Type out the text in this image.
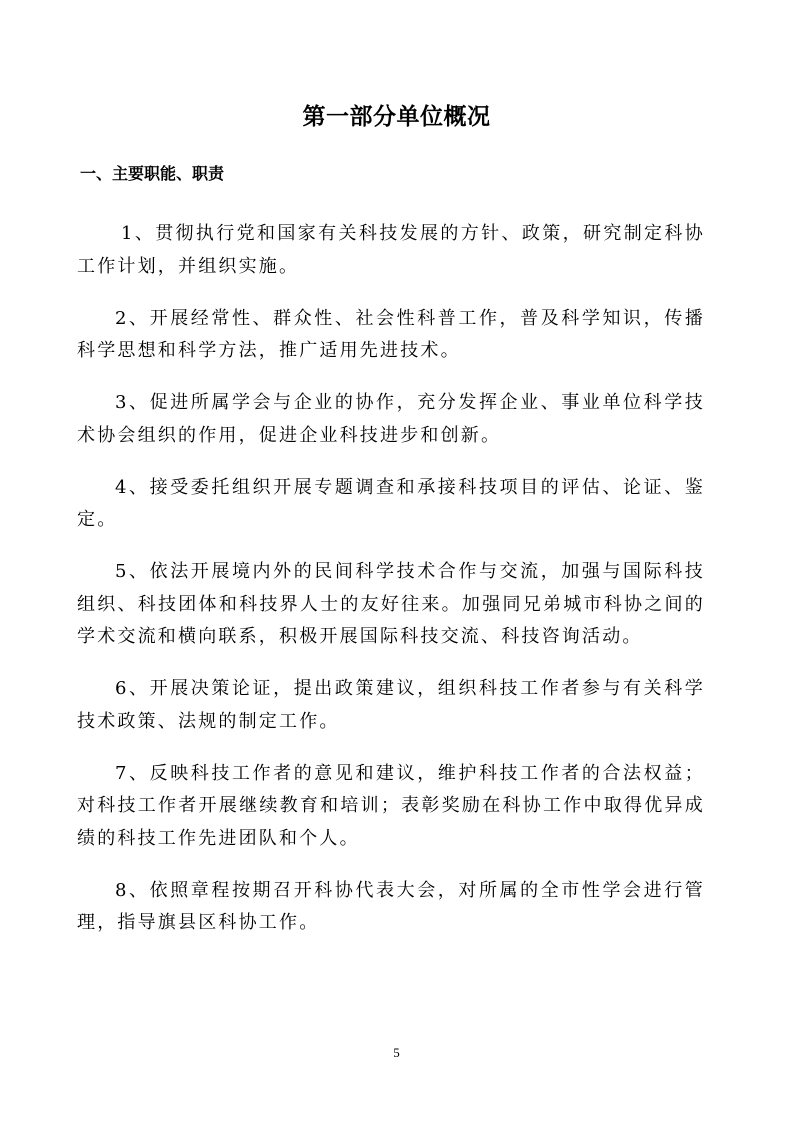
第一部分单位概况
一、主要职能、职责

1、贯彻执行党和国家有关科技发展的方针、政策，研究制定科协工作计划，并组织实施。

2、开展经常性、群众性、社会性科普工作，普及科学知识，传播科学思想和科学方法，推广适用先进技术。

3、促进所属学会与企业的协作，充分发挥企业、事业单位科学技术协会组织的作用，促进企业科技进步和创新。

4、接受委托组织开展专题调查和承接科技项目的评估、论证、鉴定。

5、依法开展境内外的民间科学技术合作与交流，加强与国际科技组织、科技团体和科技界人士的友好往来。加强同兄弟城市科协之间的学术交流和横向联系，积极开展国际科技交流、科技咨询活动。

6、开展决策论证，提出政策建议，组织科技工作者参与有关科学技术政策、法规的制定工作。

7、反映科技工作者的意见和建议，维护科技工作者的合法权益；对科技工作者开展继续教育和培训；表彰奖励在科协工作中取得优异成绩的科技工作先进团队和个人。

8、依照章程按期召开科协代表大会，对所属的全市性学会进行管理，指导旗县区科协工作。

5
